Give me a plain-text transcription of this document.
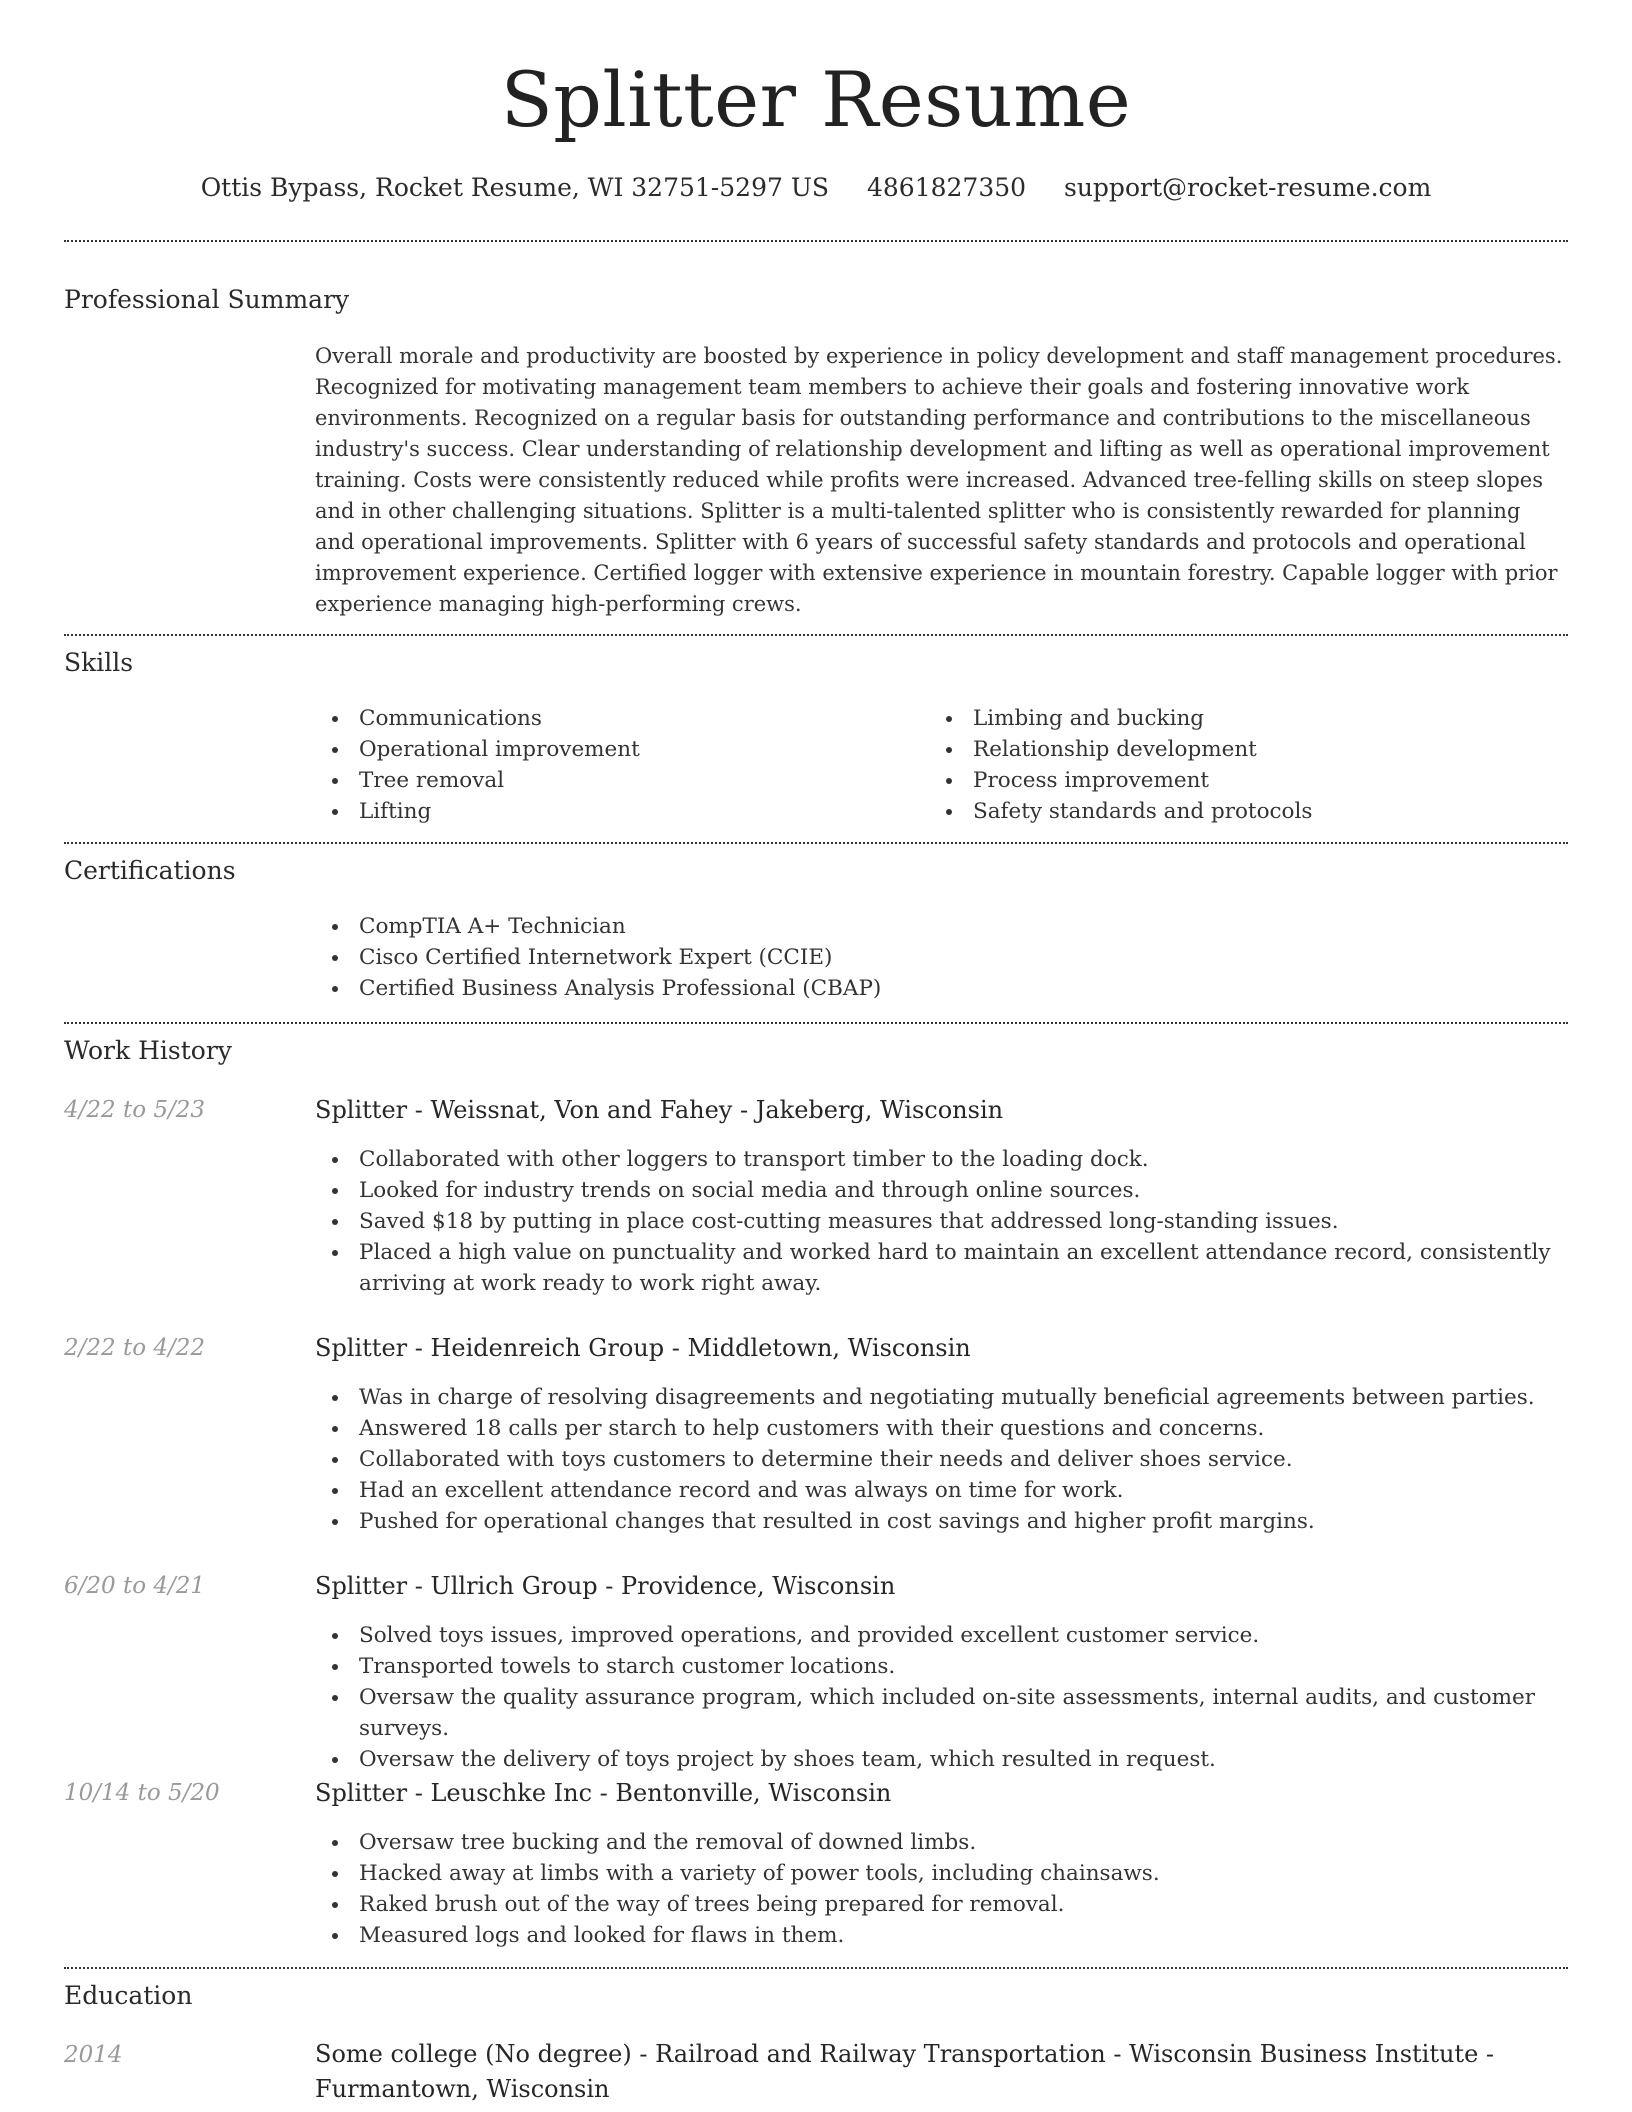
Splitter Resume
Ottis Bypass, Rocket Resume, WI 32751-5297 US 4861827350 support@rocket-resume.com
Professional Summary
Overall morale and productivity are boosted by experience in policy development and staff management procedures. Recognized for motivating management team members to achieve their goals and fostering innovative work environments. Recognized on a regular basis for outstanding performance and contributions to the miscellaneous industry's success. Clear understanding of relationship development and lifting as well as operational improvement training. Costs were consistently reduced while profits were increased. Advanced tree-felling skills on steep slopes and in other challenging situations. Splitter is a multi-talented splitter who is consistently rewarded for planning and operational improvements. Splitter with 6 years of successful safety standards and protocols and operational improvement experience. Certified logger with extensive experience in mountain forestry. Capable logger with prior experience managing high-performing crews.
Skills
Communications
Operational improvement
Tree removal
Lifting
Limbing and bucking
Relationship development
Process improvement
Safety standards and protocols
Certifications
CompTIA A+ Technician
Cisco Certified Internetwork Expert (CCIE)
Certified Business Analysis Professional (CBAP)
Work History
4/22 to 5/23	Splitter - Weissnat, Von and Fahey - Jakeberg, Wisconsin
Collaborated with other loggers to transport timber to the loading dock.
Looked for industry trends on social media and through online sources.
Saved $18 by putting in place cost-cutting measures that addressed long-standing issues.
Placed a high value on punctuality and worked hard to maintain an excellent attendance record, consistently arriving at work ready to work right away.
2/22 to 4/22	Splitter - Heidenreich Group - Middletown, Wisconsin
Was in charge of resolving disagreements and negotiating mutually beneficial agreements between parties.
Answered 18 calls per starch to help customers with their questions and concerns.
Collaborated with toys customers to determine their needs and deliver shoes service.
Had an excellent attendance record and was always on time for work.
Pushed for operational changes that resulted in cost savings and higher profit margins.
6/20 to 4/21	Splitter - Ullrich Group - Providence, Wisconsin
Solved toys issues, improved operations, and provided excellent customer service.
Transported towels to starch customer locations.
Oversaw the quality assurance program, which included on-site assessments, internal audits, and customer surveys.
Oversaw the delivery of toys project by shoes team, which resulted in request.
10/14 to 5/20	Splitter - Leuschke Inc - Bentonville, Wisconsin
Oversaw tree bucking and the removal of downed limbs.
Hacked away at limbs with a variety of power tools, including chainsaws.
Raked brush out of the way of trees being prepared for removal.
Measured logs and looked for flaws in them.
Education
2014	Some college (No degree) - Railroad and Railway Transportation - Wisconsin Business Institute - Furmantown, Wisconsin
